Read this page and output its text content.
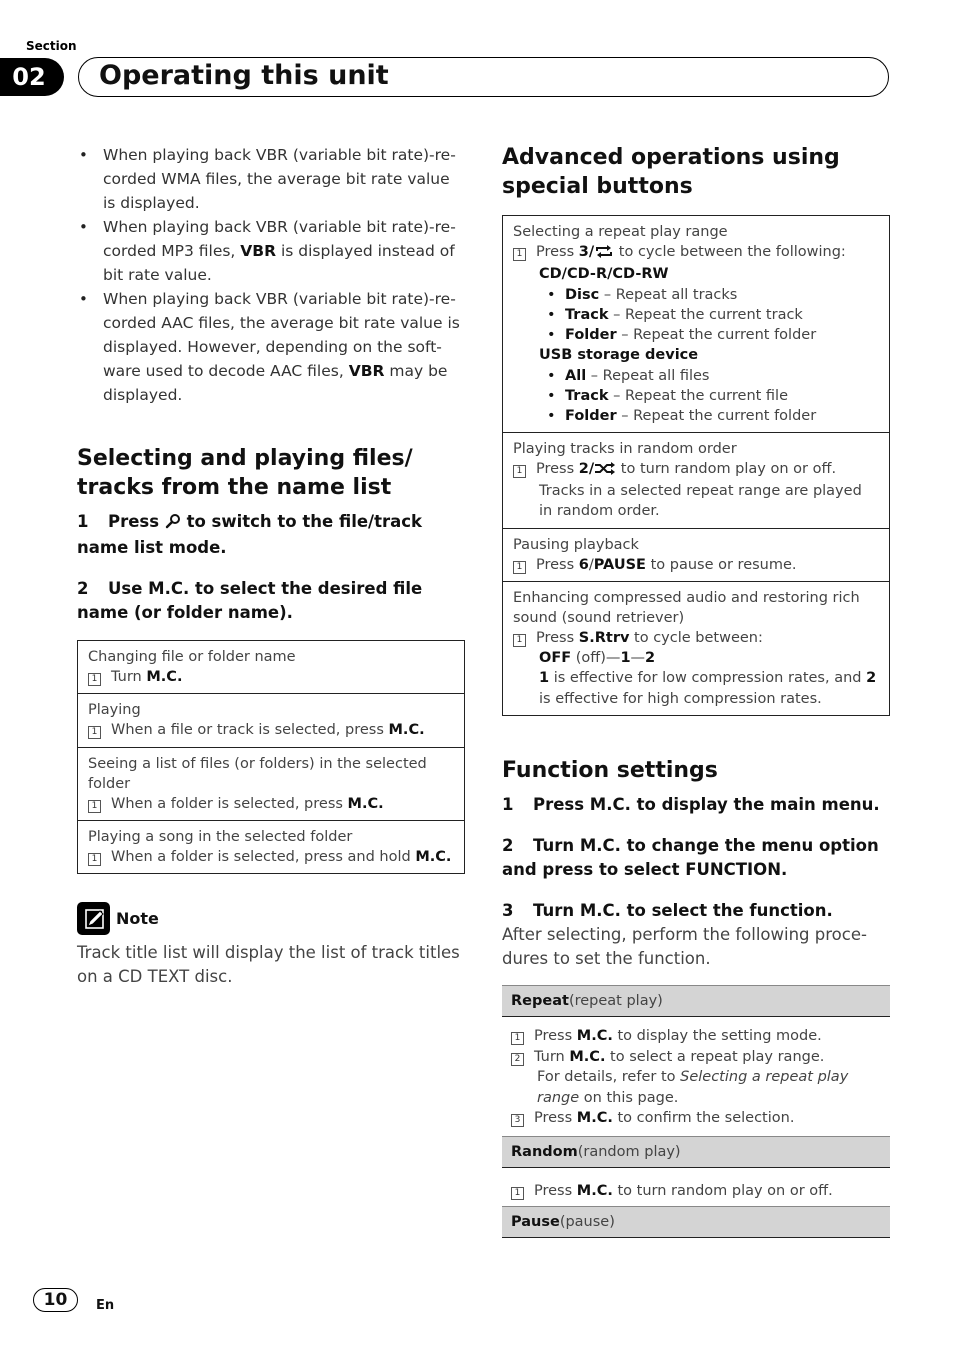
Section
02	Operating this unit
• When playing back VBR (variable bit rate)-re-corded WMA files, the average bit rate value is displayed.
• When playing back VBR (variable bit rate)-re-corded MP3 files, VBR is displayed instead of bit rate value.
• When playing back VBR (variable bit rate)-re-corded AAC files, the average bit rate value is displayed. However, depending on the soft-ware used to decode AAC files, VBR may be displayed.
Selecting and playing files/ tracks from the name list
1 Press to switch to the file/track name list mode.
2 Use M.C. to select the desired file name (or folder name).
Changing file or folder name
1 Turn M.C.
Playing
1 When a file or track is selected, press M.C.
Seeing a list of files (or folders) in the selected folder
1 When a folder is selected, press M.C.
Playing a song in the selected folder
1 When a folder is selected, press and hold M.C.
Note

Track title list will display the list of track titles on a CD TEXT disc.

Advanced operations using special buttons
Selecting a repeat play range
1 Press 3/ to cycle between the following:
CD/CD-R/CD-RW
• Disc – Repeat all tracks
• Track – Repeat the current track
• Folder – Repeat the current folder
USB storage device
• All – Repeat all files
• Track – Repeat the current file
• Folder – Repeat the current folder
Playing tracks in random order
1 Press 2/ to turn random play on or off.
Tracks in a selected repeat range are played in random order.
Pausing playback
1 Press 6/PAUSE to pause or resume.
Enhancing compressed audio and restoring rich sound (sound retriever)
1 Press S.Rtrv to cycle between:
OFF (off)—1—2
1 is effective for low compression rates, and 2 is effective for high compression rates.
Function settings
1 Press M.C. to display the main menu.
2 Turn M.C. to change the menu option and press to select FUNCTION.
3 Turn M.C. to select the function.

After selecting, perform the following proce-dures to set the function.

Repeat (repeat play)
1 Press M.C. to display the setting mode.
2 Turn M.C. to select a repeat play range.
For details, refer to Selecting a repeat play range on this page.
3 Press M.C. to confirm the selection.
Random (random play)
1 Press M.C. to turn random play on or off.
Pause (pause)
10	En
